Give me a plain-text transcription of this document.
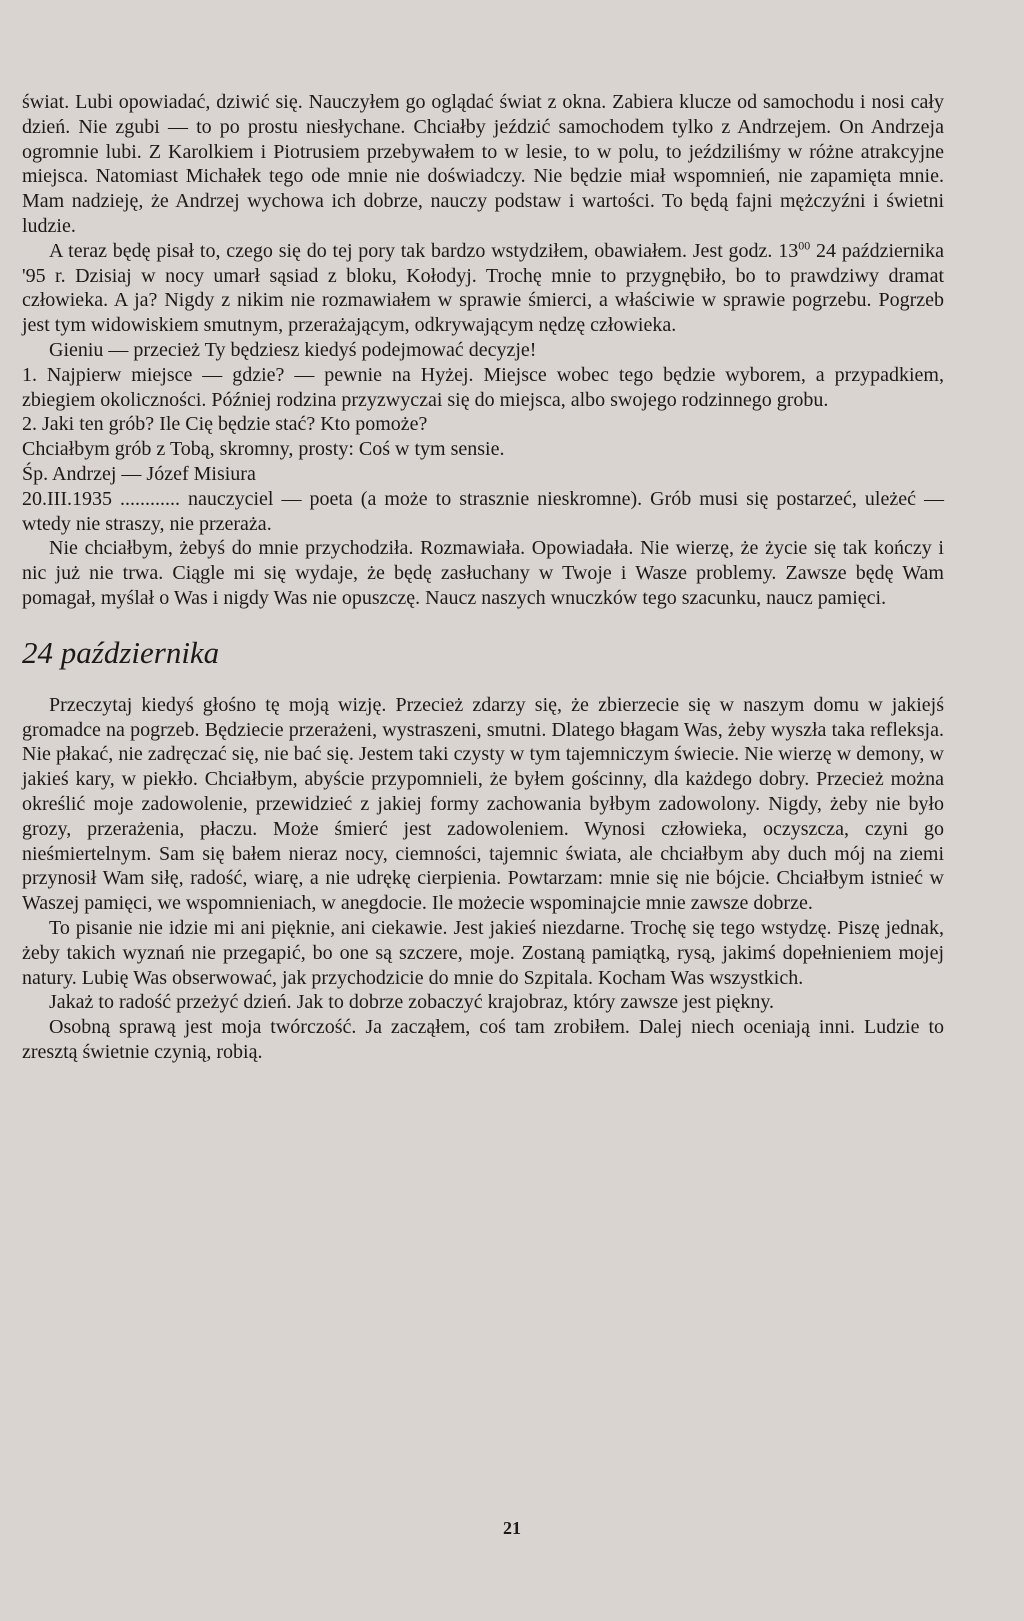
świat. Lubi opowiadać, dziwić się. Nauczyłem go oglądać świat z okna. Zabiera klucze od samochodu i nosi cały dzień. Nie zgubi — to po prostu niesłychane. Chciałby jeździć samochodem tylko z Andrzejem. On Andrzeja ogromnie lubi. Z Karolkiem i Piotrusiem przebywałem to w lesie, to w polu, to jeździliśmy w różne atrakcyjne miejsca. Natomiast Michałek tego ode mnie nie doświadczy. Nie będzie miał wspomnień, nie zapamięta mnie. Mam nadzieję, że Andrzej wychowa ich dobrze, nauczy podstaw i wartości. To będą fajni mężczyźni i świetni ludzie.

A teraz będę pisał to, czego się do tej pory tak bardzo wstydziłem, obawiałem. Jest godz. $13^{00}$ 24 października '95 r. Dzisiaj w nocy umarł sąsiad z bloku, Kołodyj. Trochę mnie to przygnębiło, bo to prawdziwy dramat człowieka. A ja? Nigdy z nikim nie rozmawiałem w sprawie śmierci, a właściwie w sprawie pogrzebu. Pogrzeb jest tym widowiskiem smutnym, przerażającym, odkrywającym nędzę człowieka.

Gieniu — przecież Ty będziesz kiedyś podejmować decyzje!

1. Najpierw miejsce — gdzie? — pewnie na Hyżej. Miejsce wobec tego będzie wyborem, a przypadkiem, zbiegiem okoliczności. Później rodzina przyzwyczai się do miejsca, albo swojego rodzinnego grobu.

2. Jaki ten grób? Ile Cię będzie stać? Kto pomoże?

Chciałbym grób z Tobą, skromny, prosty: Coś w tym sensie.

Śp. Andrzej — Józef Misiura

20.III.1935 ............ nauczyciel — poeta (a może to strasznie nieskromne). Grób musi się postarzeć, uleżeć — wtedy nie straszy, nie przeraża.

Nie chciałbym, żebyś do mnie przychodziła. Rozmawiała. Opowiadała. Nie wierzę, że życie się tak kończy i nic już nie trwa. Ciągle mi się wydaje, że będę zasłuchany w Twoje i Wasze problemy. Zawsze będę Wam pomagał, myślał o Was i nigdy Was nie opuszczę. Naucz naszych wnuczków tego szacunku, naucz pamięci.

24 października

Przeczytaj kiedyś głośno tę moją wizję. Przecież zdarzy się, że zbierzecie się w naszym domu w jakiejś gromadce na pogrzeb. Będziecie przerażeni, wystraszeni, smutni. Dlatego błagam Was, żeby wyszła taka refleksja. Nie płakać, nie zadręczać się, nie bać się. Jestem taki czysty w tym tajemniczym świecie. Nie wierzę w demony, w jakieś kary, w piekło. Chciałbym, abyście przypomnieli, że byłem gościnny, dla każdego dobry. Przecież można określić moje zadowolenie, przewidzieć z jakiej formy zachowania byłbym zadowolony. Nigdy, żeby nie było grozy, przerażenia, płaczu. Może śmierć jest zadowoleniem. Wynosi człowieka, oczyszcza, czyni go nieśmiertelnym. Sam się bałem nieraz nocy, ciemności, tajemnic świata, ale chciałbym aby duch mój na ziemi przynosił Wam siłę, radość, wiarę, a nie udrękę cierpienia. Powtarzam: mnie się nie bójcie. Chciałbym istnieć w Waszej pamięci, we wspomnieniach, w anegdocie. Ile możecie wspominajcie mnie zawsze dobrze.

To pisanie nie idzie mi ani pięknie, ani ciekawie. Jest jakieś niezdarne. Trochę się tego wstydzę. Piszę jednak, żeby takich wyznań nie przegapić, bo one są szczere, moje. Zostaną pamiątką, rysą, jakimś dopełnieniem mojej natury. Lubię Was obserwować, jak przychodzicie do mnie do Szpitala. Kocham Was wszystkich.

Jakaż to radość przeżyć dzień. Jak to dobrze zobaczyć krajobraz, który zawsze jest piękny.

Osobną sprawą jest moja twórczość. Ja zacząłem, coś tam zrobiłem. Dalej niech oceniają inni. Ludzie to zresztą świetnie czynią, robią.

21
